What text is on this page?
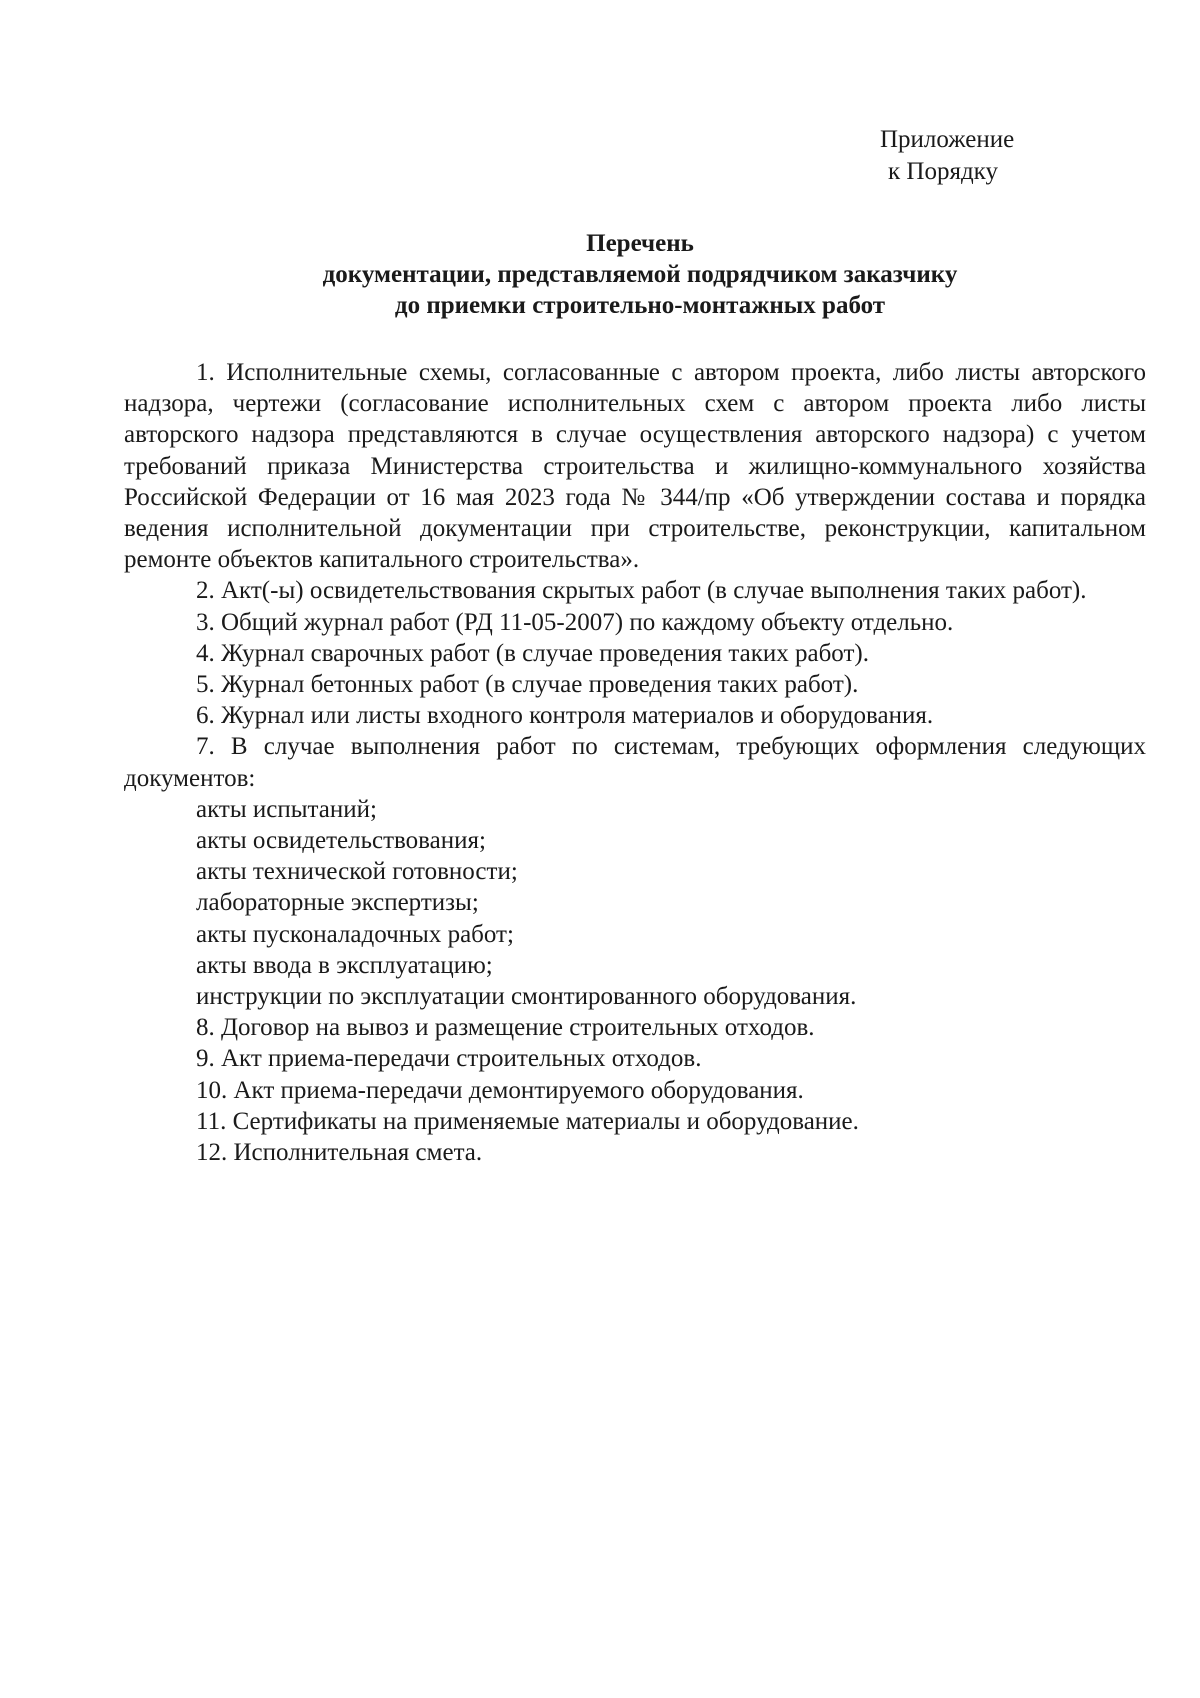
Приложение
к Порядку
Перечень
документации, представляемой подрядчиком заказчику
до приемки строительно-монтажных работ

1. Исполнительные схемы, согласованные с автором проекта, либо листы авторского надзора, чертежи (согласование исполнительных схем с автором проекта либо листы авторского надзора представляются в случае осуществления авторского надзора) с учетом требований приказа Министерства строительства и жилищно-коммунального хозяйства Российской Федерации от 16 мая 2023 года № 344/пр «Об утверждении состава и порядка ведения исполнительной документации при строительстве, реконструкции, капитальном ремонте объектов капитального строительства».

2. Акт(-ы) освидетельствования скрытых работ (в случае выполнения таких работ).

3. Общий журнал работ (РД 11-05-2007) по каждому объекту отдельно.

4. Журнал сварочных работ (в случае проведения таких работ).

5. Журнал бетонных работ (в случае проведения таких работ).

6. Журнал или листы входного контроля материалов и оборудования.

7. В случае выполнения работ по системам, требующих оформления следующих документов:

акты испытаний;

акты освидетельствования;

акты технической готовности;

лабораторные экспертизы;

акты пусконаладочных работ;

акты ввода в эксплуатацию;

инструкции по эксплуатации смонтированного оборудования.

8. Договор на вывоз и размещение строительных отходов.

9. Акт приема-передачи строительных отходов.

10. Акт приема-передачи демонтируемого оборудования.

11. Сертификаты на применяемые материалы и оборудование.

12. Исполнительная смета.
